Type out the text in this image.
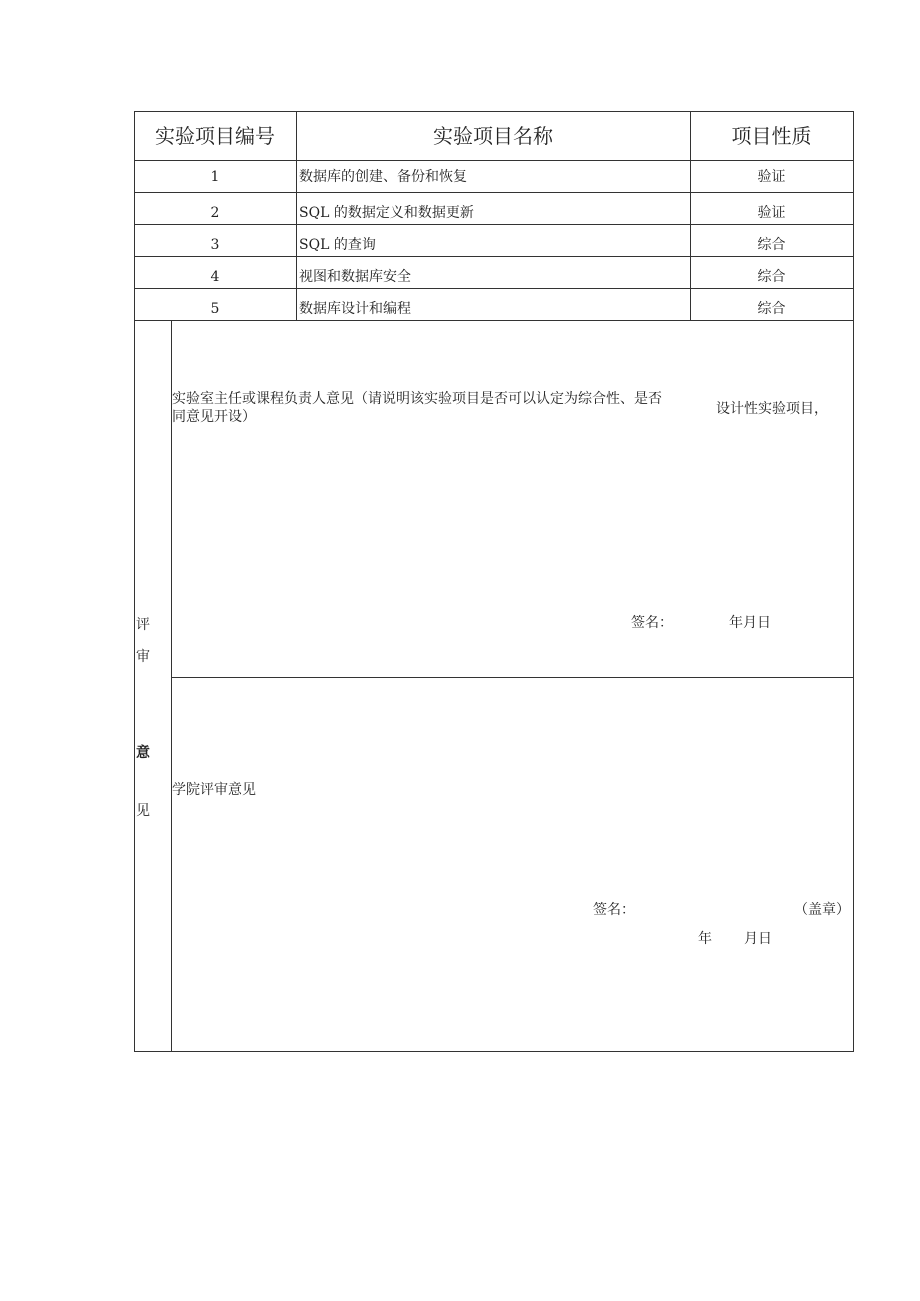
实验项目编号	实验项目名称	项目性质
1	数据库的创建、备份和恢复	验证
2	SQL 的数据定义和数据更新	验证
3	SQL 的查询	综合
4	视图和数据库安全	综合
5	数据库设计和编程	综合
评
审
意
见
实验室主任或课程负责人意见（请说明该实验项目是否可以认定为综合性、是否
设计性实验项目，
同意见开设）
签名：	年月日
学院评审意见
签名：	（盖章）
年 月日
